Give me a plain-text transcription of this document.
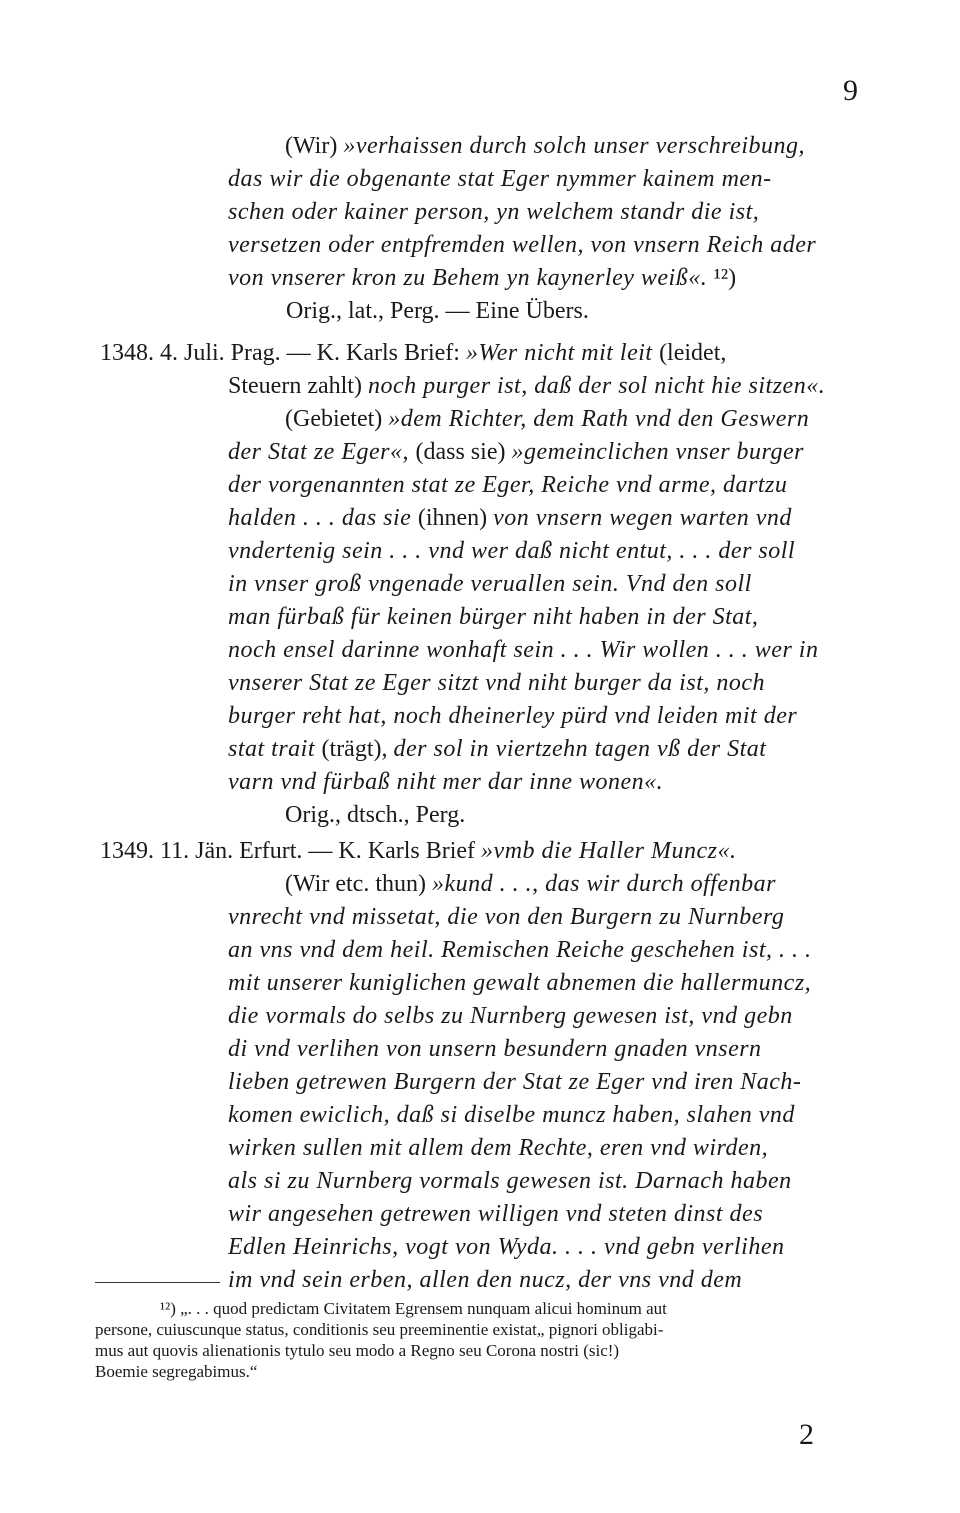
9
(Wir) »verhaissen durch solch unser verschreibung,
das wir die obgenante stat Eger nymmer kainem men-
schen oder kainer person, yn welchem standr die ist,
versetzen oder entpfremden wellen, von vnsern Reich ader
von vnserer kron zu Behem yn kaynerley weiß«. ¹²)
Orig., lat., Perg. — Eine Übers.
1348. 4. Juli. Prag. — K. Karls Brief: »Wer nicht mit leit (leidet,
Steuern zahlt) noch purger ist, daß der sol nicht hie sitzen«.
(Gebietet) »dem Richter, dem Rath vnd den Geswern
der Stat ze Eger«, (dass sie) »gemeinclichen vnser burger
der vorgenannten stat ze Eger, Reiche vnd arme, dartzu
halden . . . das sie (ihnen) von vnsern wegen warten vnd
vndertenig sein . . . vnd wer daß nicht entut, . . . der soll
in vnser groß vngenade veruallen sein. Vnd den soll
man fürbaß für keinen bürger niht haben in der Stat,
noch ensel darinne wonhaft sein . . . Wir wollen . . . wer in
vnserer Stat ze Eger sitzt vnd niht burger da ist, noch
burger reht hat, noch dheinerley pürd vnd leiden mit der
stat trait (trägt), der sol in viertzehn tagen vß der Stat
varn vnd fürbaß niht mer dar inne wonen«.
Orig., dtsch., Perg.
1349. 11. Jän. Erfurt. — K. Karls Brief »vmb die Haller Muncz«.
(Wir etc. thun) »kund . . ., das wir durch offenbar
vnrecht vnd missetat, die von den Burgern zu Nurnberg
an vns vnd dem heil. Remischen Reiche geschehen ist, . . .
mit unserer kuniglichen gewalt abnemen die hallermuncz,
die vormals do selbs zu Nurnberg gewesen ist, vnd gebn
di vnd verlihen von unsern besundern gnaden vnsern
lieben getrewen Burgern der Stat ze Eger vnd iren Nach-
komen ewiclich, daß si diselbe muncz haben, slahen vnd
wirken sullen mit allem dem Rechte, eren vnd wirden,
als si zu Nurnberg vormals gewesen ist. Darnach haben
wir angesehen getrewen willigen vnd steten dinst des
Edlen Heinrichs, vogt von Wyda. . . . vnd gebn verlihen
im vnd sein erben, allen den nucz, der vns vnd dem
¹²) „. . . quod predictam Civitatem Egrensem nunquam alicui hominum aut
persone, cuiuscunque status, conditionis seu preeminentie existat„ pignori obligabi-
mus aut quovis alienationis tytulo seu modo a Regno seu Corona nostri (sic!)
Boemie segregabimus.“
2
